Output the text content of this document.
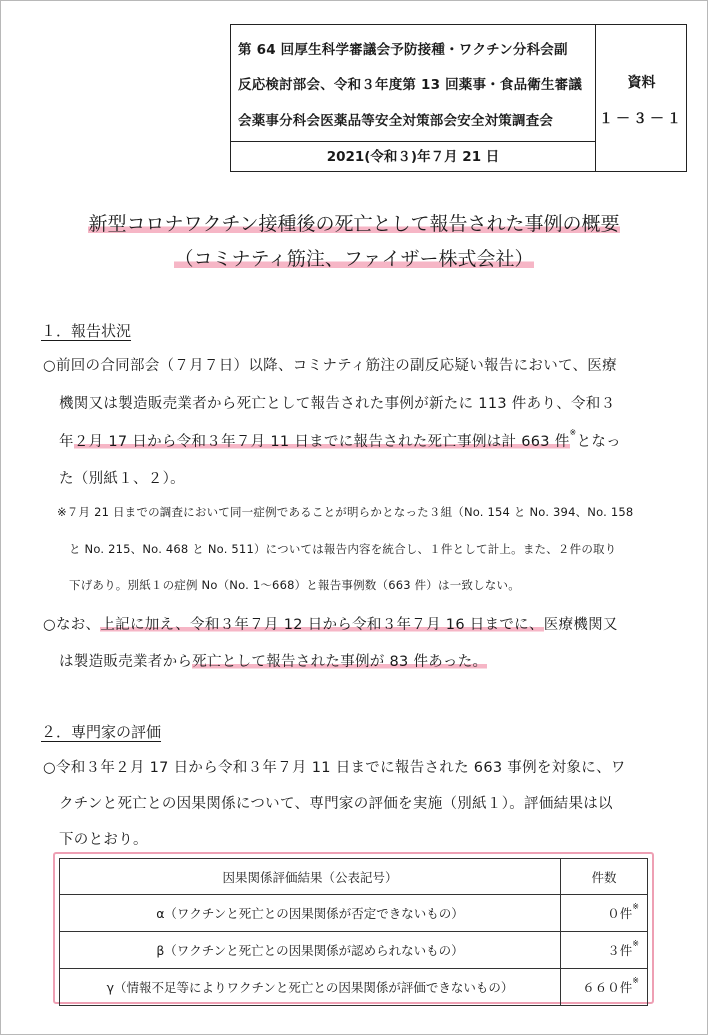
第 64 回厚生科学審議会予防接種・ワクチン分科会副
反応検討部会、令和３年度第 13 回薬事・食品衛生審議
会薬事分科会医薬品等安全対策部会安全対策調査会
2021(令和３)年７月 21 日
資料
１－３－１
新型コロナワクチン接種後の死亡として報告された事例の概要
（コミナティ筋注、ファイザー株式会社）
１．報告状況
○前回の合同部会（７月７日）以降、コミナティ筋注の副反応疑い報告において、医療
機関又は製造販売業者から死亡として報告された事例が新たに 113 件あり、令和３
年２月 17 日から令和３年７月 11 日までに報告された死亡事例は計 663 件※となっ
た（別紙１、２）。
※７月 21 日までの調査において同一症例であることが明らかとなった３組（No. 154 と No. 394、No. 158
と No. 215、No. 468 と No. 511）については報告内容を統合し、１件として計上。また、２件の取り
下げあり。別紙１の症例 No（No. 1～668）と報告事例数（663 件）は一致しない。
○なお、上記に加え、令和３年７月 12 日から令和３年７月 16 日までに、医療機関又
は製造販売業者から死亡として報告された事例が 83 件あった。
２．専門家の評価
○令和３年２月 17 日から令和３年７月 11 日までに報告された 663 事例を対象に、ワ
クチンと死亡との因果関係について、専門家の評価を実施（別紙１）。評価結果は以
下のとおり。
因果関係評価結果（公表記号）	件数
α（ワクチンと死亡との因果関係が否定できないもの）	０件※
β（ワクチンと死亡との因果関係が認められないもの）	３件※
γ（情報不足等によりワクチンと死亡との因果関係が評価できないもの）	６６０件※
